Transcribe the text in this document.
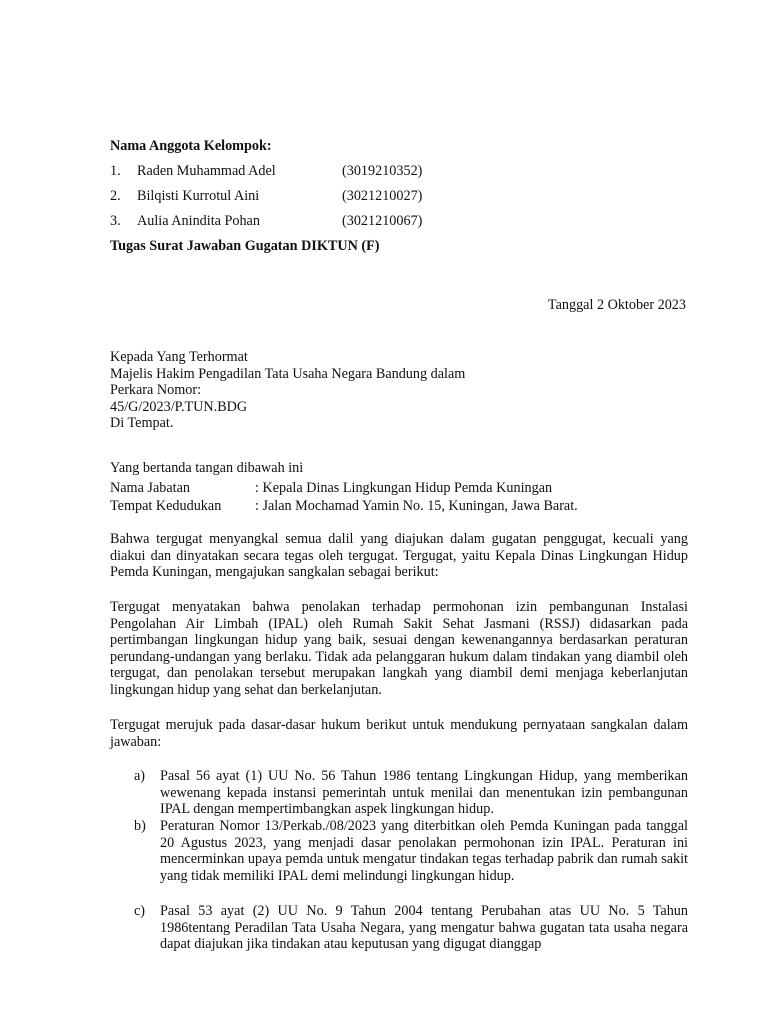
Nama Anggota Kelompok:
1. Raden Muhammad Adel	(3019210352)
2. Bilqisti Kurrotul Aini	(3021210027)
3. Aulia Anindita Pohan	(3021210067)
Tugas Surat Jawaban Gugatan DIKTUN (F)
Tanggal 2 Oktober 2023
Kepada Yang Terhormat
Majelis Hakim Pengadilan Tata Usaha Negara Bandung dalam
Perkara Nomor:
45/G/2023/P.TUN.BDG
Di Tempat.
Yang bertanda tangan dibawah ini
Nama Jabatan	: Kepala Dinas Lingkungan Hidup Pemda Kuningan
Tempat Kedudukan : Jalan Mochamad Yamin No. 15, Kuningan, Jawa Barat.

Bahwa tergugat menyangkal semua dalil yang diajukan dalam gugatan penggugat, kecuali yang diakui dan dinyatakan secara tegas oleh tergugat. Tergugat, yaitu Kepala Dinas Lingkungan Hidup Pemda Kuningan, mengajukan sangkalan sebagai berikut:

Tergugat menyatakan bahwa penolakan terhadap permohonan izin pembangunan Instalasi Pengolahan Air Limbah (IPAL) oleh Rumah Sakit Sehat Jasmani (RSSJ) didasarkan pada pertimbangan lingkungan hidup yang baik, sesuai dengan kewenangannya berdasarkan peraturan perundang-undangan yang berlaku. Tidak ada pelanggaran hukum dalam tindakan yang diambil oleh tergugat, dan penolakan tersebut merupakan langkah yang diambil demi menjaga keberlanjutan lingkungan hidup yang sehat dan berkelanjutan.

Tergugat merujuk pada dasar-dasar hukum berikut untuk mendukung pernyataan sangkalan dalam jawaban:

a) Pasal 56 ayat (1) UU No. 56 Tahun 1986 tentang Lingkungan Hidup, yang memberikan wewenang kepada instansi pemerintah untuk menilai dan menentukan izin pembangunan IPAL dengan mempertimbangkan aspek lingkungan hidup.
b) Peraturan Nomor 13/Perkab./08/2023 yang diterbitkan oleh Pemda Kuningan pada tanggal 20 Agustus 2023, yang menjadi dasar penolakan permohonan izin IPAL. Peraturan ini mencerminkan upaya pemda untuk mengatur tindakan tegas terhadap pabrik dan rumah sakit yang tidak memiliki IPAL demi melindungi lingkungan hidup.
c) Pasal 53 ayat (2) UU No. 9 Tahun 2004 tentang Perubahan atas UU No. 5 Tahun 1986tentang Peradilan Tata Usaha Negara, yang mengatur bahwa gugatan tata usaha negara dapat diajukan jika tindakan atau keputusan yang digugat dianggap
